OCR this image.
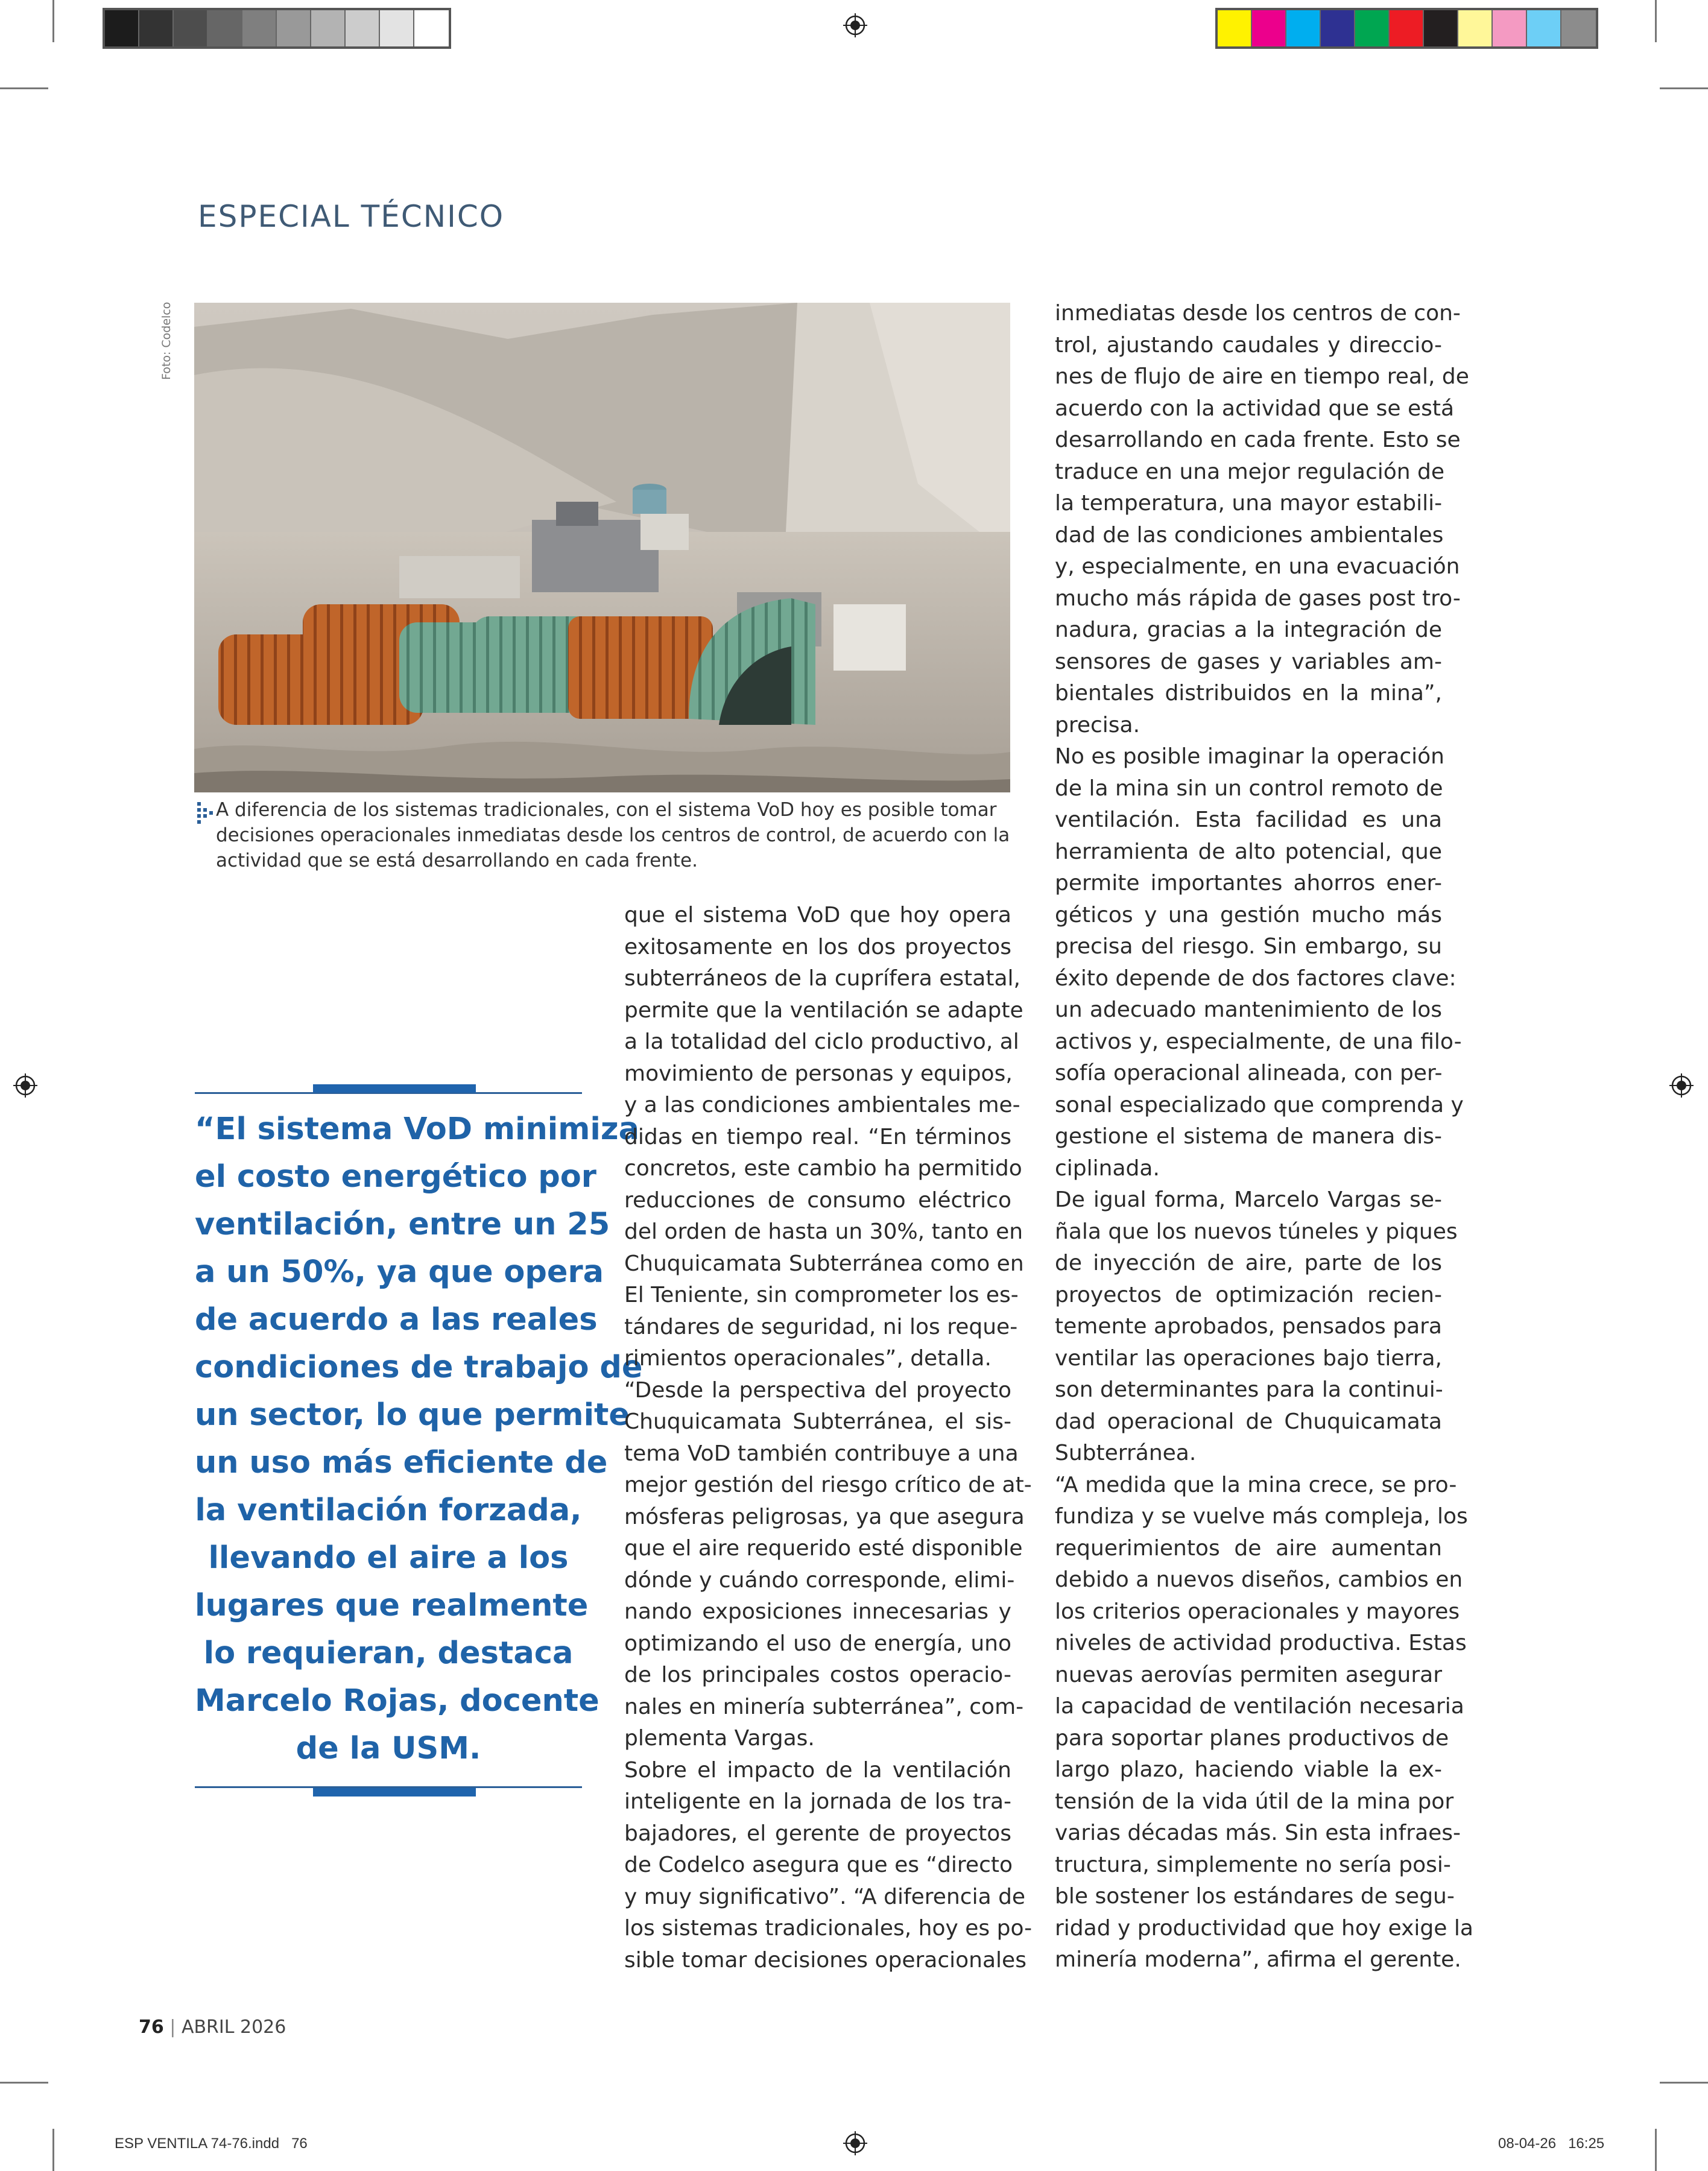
ESPECIAL TÉCNICO
Foto: Codelco
A diferencia de los sistemas tradicionales, con el sistema VoD hoy es posible tomar
decisiones operacionales inmediatas desde los centros de control, de acuerdo con la
actividad que se está desarrollando en cada frente.
“El sistema VoD minimiza
el costo energético por
ventilación, entre un 25
a un 50%, ya que opera
de acuerdo a las reales
condiciones de trabajo de
un sector, lo que permite
un uso más eficiente de
la ventilación forzada,
llevando el aire a los
lugares que realmente
lo requieran, destaca
Marcelo Rojas, docente
de la USM.
que el sistema VoD que hoy opera
exitosamente en los dos proyectos
subterráneos de la cuprífera estatal,
permite que la ventilación se adapte
a la totalidad del ciclo productivo, al
movimiento de personas y equipos,
y a las condiciones ambientales me-
didas en tiempo real. “En términos
concretos, este cambio ha permitido
reducciones de consumo eléctrico
del orden de hasta un 30%, tanto en
Chuquicamata Subterránea como en
El Teniente, sin comprometer los es-
tándares de seguridad, ni los reque-
rimientos operacionales”, detalla.
“Desde la perspectiva del proyecto
Chuquicamata Subterránea, el sis-
tema VoD también contribuye a una
mejor gestión del riesgo crítico de at-
mósferas peligrosas, ya que asegura
que el aire requerido esté disponible
dónde y cuándo corresponde, elimi-
nando exposiciones innecesarias y
optimizando el uso de energía, uno
de los principales costos operacio-
nales en minería subterránea”, com-
plementa Vargas.
Sobre el impacto de la ventilación
inteligente en la jornada de los tra-
bajadores, el gerente de proyectos
de Codelco asegura que es “directo
y muy significativo”. “A diferencia de
los sistemas tradicionales, hoy es po-
sible tomar decisiones operacionales
inmediatas desde los centros de con-
trol, ajustando caudales y direccio-
nes de flujo de aire en tiempo real, de
acuerdo con la actividad que se está
desarrollando en cada frente. Esto se
traduce en una mejor regulación de
la temperatura, una mayor estabili-
dad de las condiciones ambientales
y, especialmente, en una evacuación
mucho más rápida de gases post tro-
nadura, gracias a la integración de
sensores de gases y variables am-
bientales distribuidos en la mina”,
precisa.
No es posible imaginar la operación
de la mina sin un control remoto de
ventilación. Esta facilidad es una
herramienta de alto potencial, que
permite importantes ahorros ener-
géticos y una gestión mucho más
precisa del riesgo. Sin embargo, su
éxito depende de dos factores clave:
un adecuado mantenimiento de los
activos y, especialmente, de una filo-
sofía operacional alineada, con per-
sonal especializado que comprenda y
gestione el sistema de manera dis-
ciplinada.
De igual forma, Marcelo Vargas se-
ñala que los nuevos túneles y piques
de inyección de aire, parte de los
proyectos de optimización recien-
temente aprobados, pensados para
ventilar las operaciones bajo tierra,
son determinantes para la continui-
dad operacional de Chuquicamata
Subterránea.
“A medida que la mina crece, se pro-
fundiza y se vuelve más compleja, los
requerimientos de aire aumentan
debido a nuevos diseños, cambios en
los criterios operacionales y mayores
niveles de actividad productiva. Estas
nuevas aerovías permiten asegurar
la capacidad de ventilación necesaria
para soportar planes productivos de
largo plazo, haciendo viable la ex-
tensión de la vida útil de la mina por
varias décadas más. Sin esta infraes-
tructura, simplemente no sería posi-
ble sostener los estándares de segu-
ridad y productividad que hoy exige la
minería moderna”, afirma el gerente.
76 | ABRIL 2026
ESP VENTILA 74-76.indd   76	08-04-26   16:25
